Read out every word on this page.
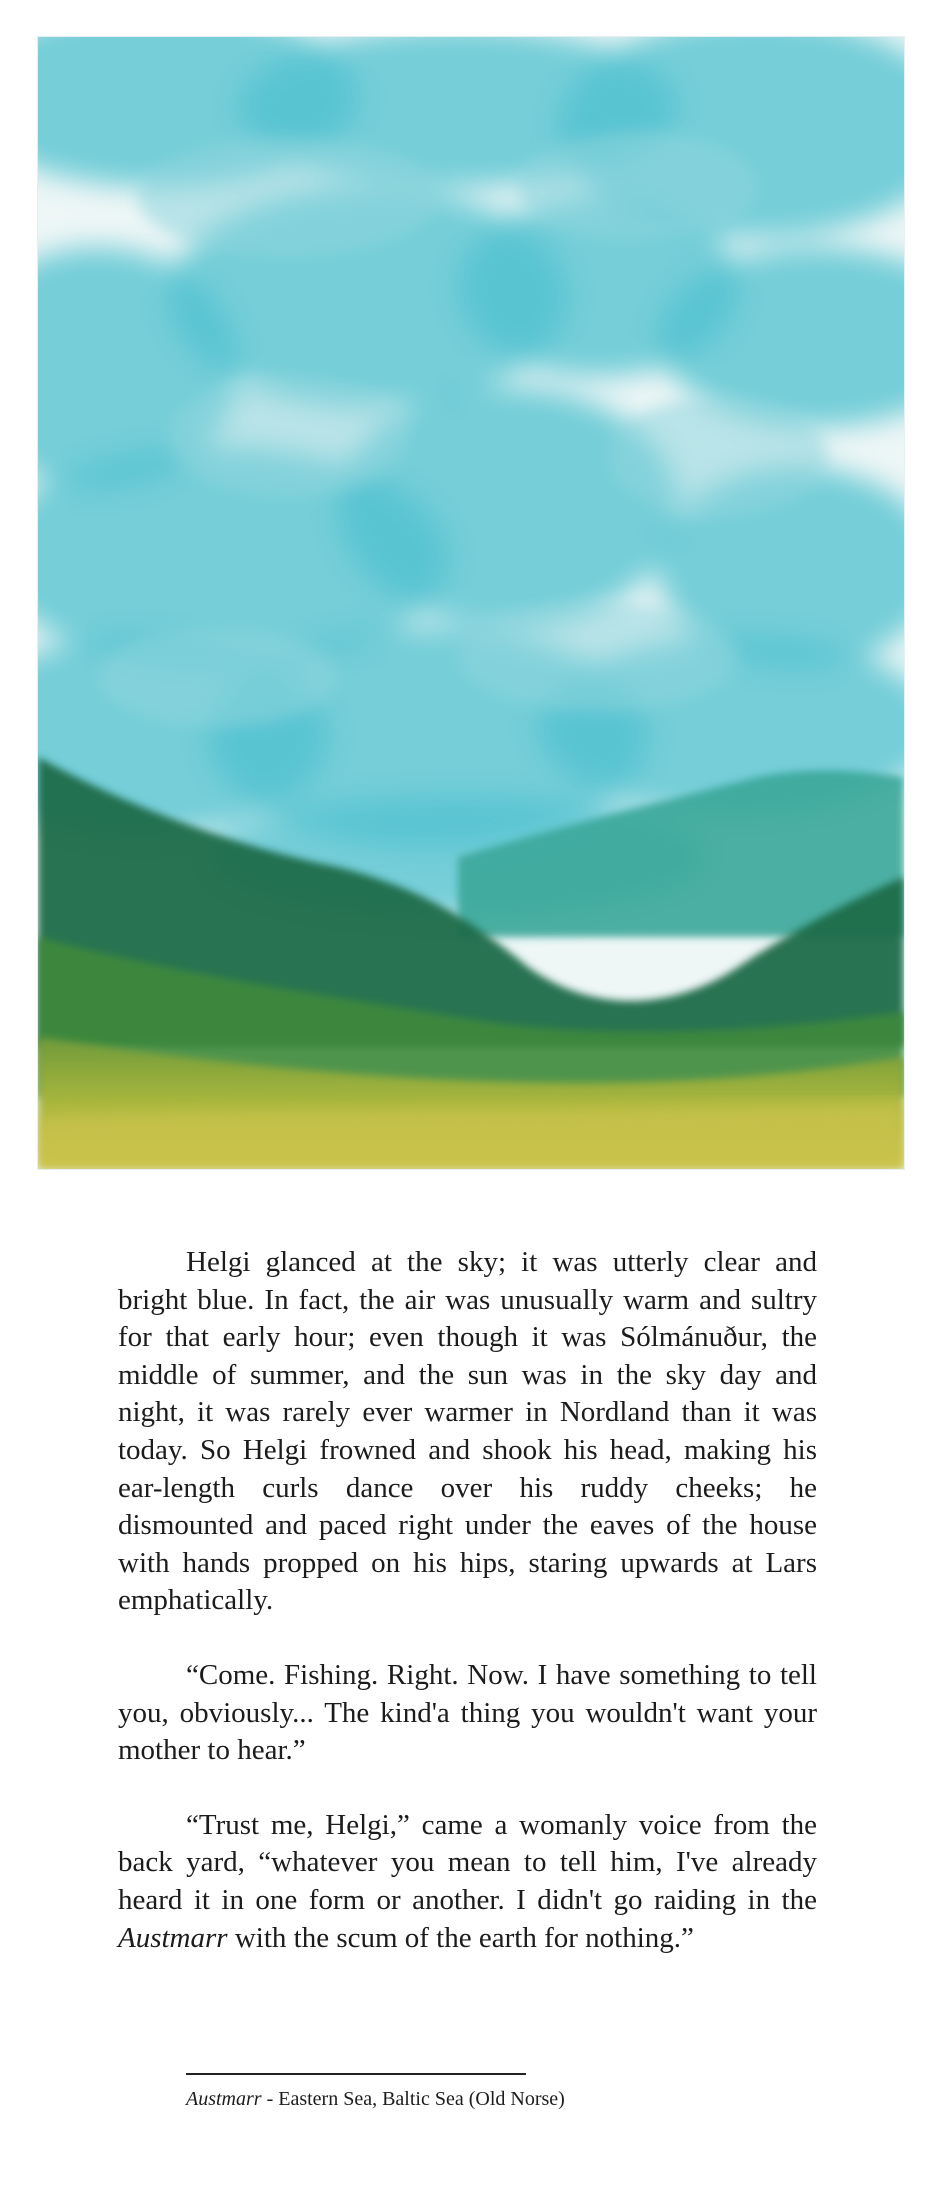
Helgi glanced at the sky; it was utterly clear and bright blue. In fact, the air was unusually warm and sultry for that early hour; even though it was Sólmánuður, the middle of summer, and the sun was in the sky day and night, it was rarely ever warmer in Nordland than it was today. So Helgi frowned and shook his head, making his ear-length curls dance over his ruddy cheeks; he dismounted and paced right under the eaves of the house with hands propped on his hips, staring upwards at Lars emphatically.

“Come. Fishing. Right. Now. I have something to tell you, obviously... The kind'a thing you wouldn't want your mother to hear.”

“Trust me, Helgi,” came a womanly voice from the back yard, “whatever you mean to tell him, I've already heard it in one form or another. I didn't go raiding in the Austmarr with the scum of the earth for nothing.”

Austmarr - Eastern Sea, Baltic Sea (Old Norse)
